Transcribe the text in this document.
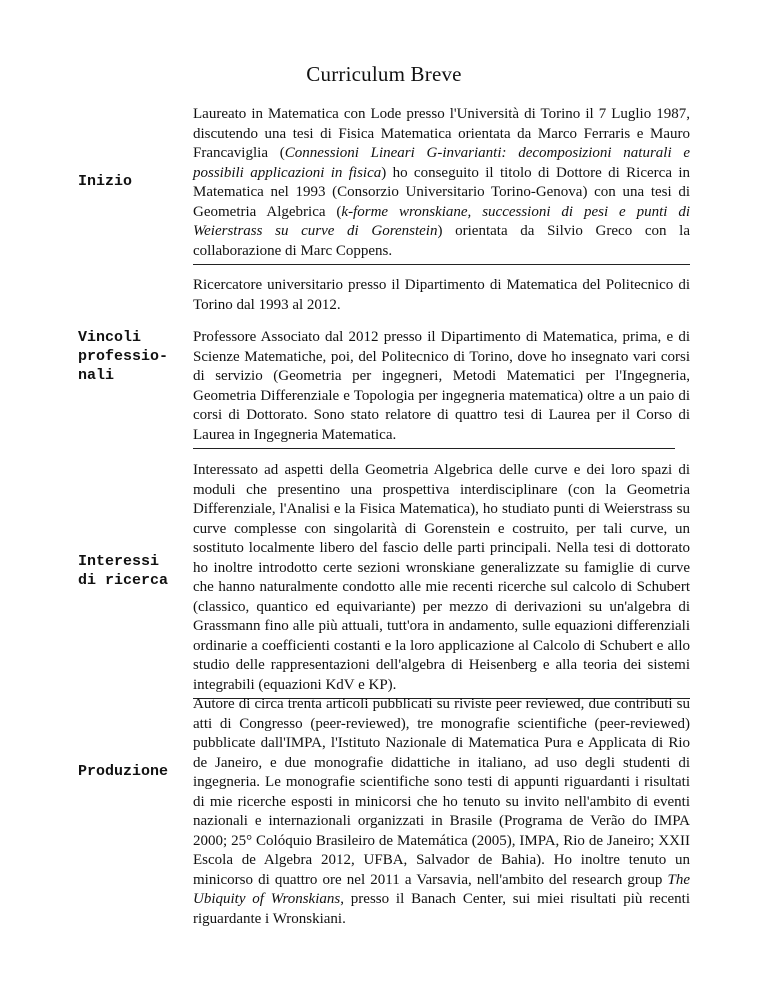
Curriculum Breve
Inizio

Laureato in Matematica con Lode presso l'Università di Torino il 7 Luglio 1987, discutendo una tesi di Fisica Matematica orientata da Marco Ferraris e Mauro Francaviglia (Connessioni Lineari G-invarianti: decomposizioni naturali e possibili applicazioni in fisica) ho conseguito il titolo di Dottore di Ricerca in Matematica nel 1993 (Consorzio Universitario Torino-Genova) con una tesi di Geometria Algebrica (k-forme wronskiane, successioni di pesi e punti di Weierstrass su curve di Gorenstein) orientata da Silvio Greco con la collaborazione di Marc Coppens.

Vincoli
professio-
nali

Ricercatore universitario presso il Dipartimento di Matematica del Politecnico di Torino dal 1993 al 2012.

Professore Associato dal 2012 presso il Dipartimento di Matematica, prima, e di Scienze Matematiche, poi, del Politecnico di Torino, dove ho insegnato vari corsi di servizio (Geometria per ingegneri, Metodi Matematici per l'Ingegneria, Geometria Differenziale e Topologia per ingegneria matematica) oltre a un paio di corsi di Dottorato. Sono stato relatore di quattro tesi di Laurea per il Corso di Laurea in Ingegneria Matematica.

Interessi
di ricerca

Interessato ad aspetti della Geometria Algebrica delle curve e dei loro spazi di moduli che presentino una prospettiva interdisciplinare (con la Geometria Differenziale, l'Analisi e la Fisica Matematica), ho studiato punti di Weierstrass su curve complesse con singolarità di Gorenstein e costruito, per tali curve, un sostituto localmente libero del fascio delle parti principali. Nella tesi di dottorato ho inoltre introdotto certe sezioni wronskiane generalizzate su famiglie di curve che hanno naturalmente condotto alle mie recenti ricerche sul calcolo di Schubert (classico, quantico ed equivariante) per mezzo di derivazioni su un'algebra di Grassmann fino alle più attuali, tutt'ora in andamento, sulle equazioni differenziali ordinarie a coefficienti costanti e la loro applicazione al Calcolo di Schubert e allo studio delle rappresentazioni dell'algebra di Heisenberg e alla teoria dei sistemi integrabili (equazioni KdV e KP).

Produzione

Autore di circa trenta articoli pubblicati su riviste peer reviewed, due contributi su atti di Congresso (peer-reviewed), tre monografie scientifiche (peer-reviewed) pubblicate dall'IMPA, l'Istituto Nazionale di Matematica Pura e Applicata di Rio de Janeiro, e due monografie didattiche in italiano, ad uso degli studenti di ingegneria. Le monografie scientifiche sono testi di appunti riguardanti i risultati di mie ricerche esposti in minicorsi che ho tenuto su invito nell'ambito di eventi nazionali e internazionali organizzati in Brasile (Programa de Verão do IMPA 2000; 25° Colóquio Brasileiro de Matemática (2005), IMPA, Rio de Janeiro; XXII Escola de Algebra 2012, UFBA, Salvador de Bahia). Ho inoltre tenuto un minicorso di quattro ore nel 2011 a Varsavia, nell'ambito del research group The Ubiquity of Wronskians, presso il Banach Center, sui miei risultati più recenti riguardante i Wronskiani.
